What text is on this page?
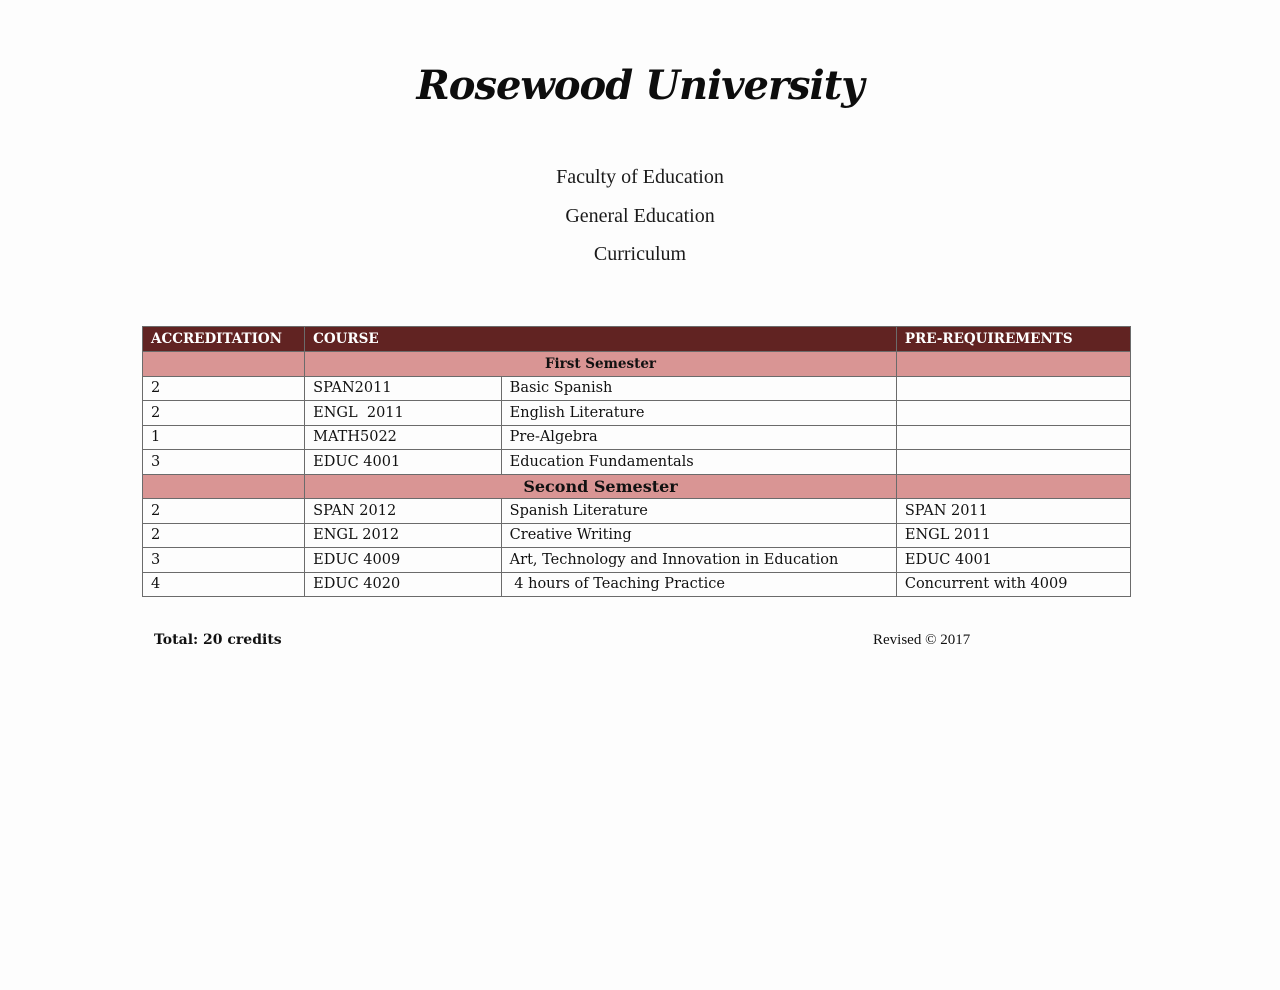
Rosewood University
Faculty of Education
General Education
Curriculum
ACCREDITATION	COURSE		PRE-REQUIREMENTS
	First Semester		
2	SPAN2011	Basic Spanish	
2	ENGL  2011	English Literature	
1	MATH5022	Pre-Algebra	
3	EDUC 4001	Education Fundamentals	
	Second Semester		
2	SPAN 2012	Spanish Literature	SPAN 2011
2	ENGL 2012	Creative Writing	ENGL 2011
3	EDUC 4009	Art, Technology and Innovation in Education	EDUC 4001
4	EDUC 4020	4 hours of Teaching Practice	Concurrent with 4009
Total: 20 credits	Revised © 2017
